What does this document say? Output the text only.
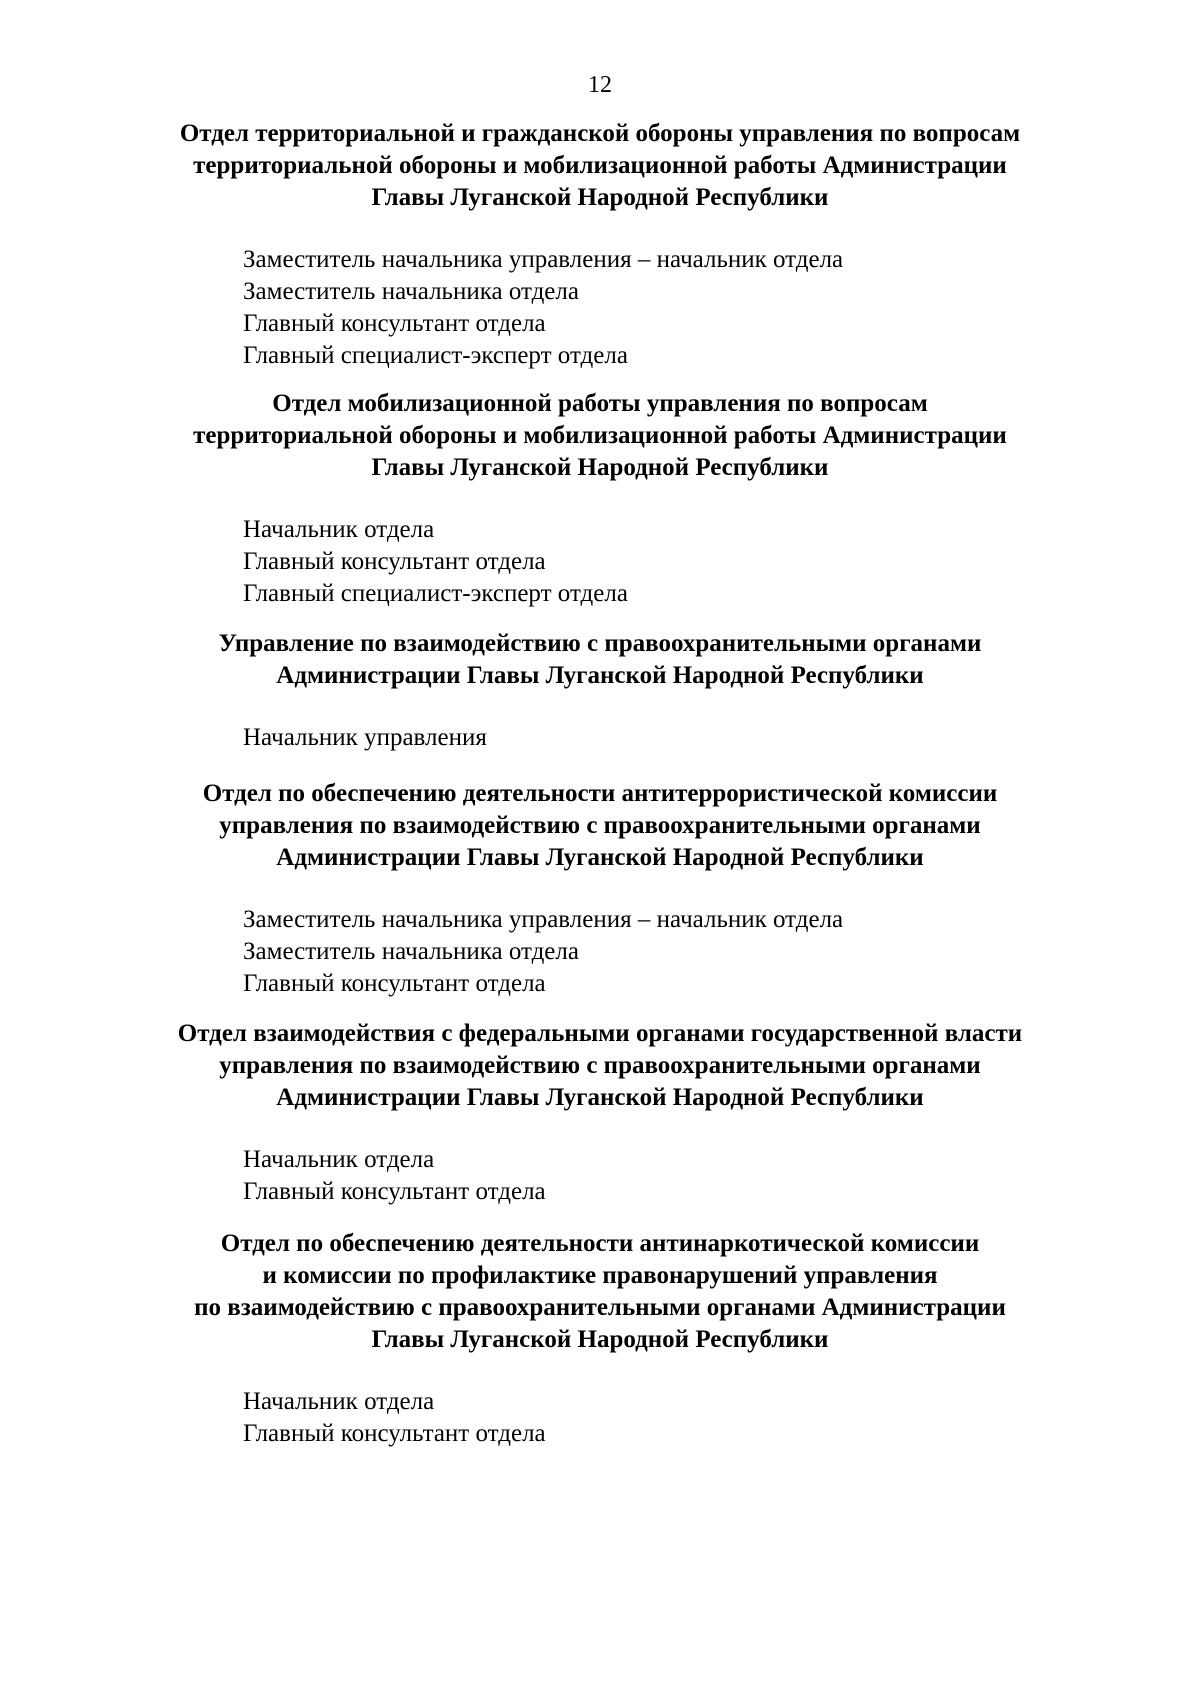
12
Отдел территориальной и гражданской обороны управления по вопросам
территориальной обороны и мобилизационной работы Администрации
Главы Луганской Народной Республики
Заместитель начальника управления – начальник отдела
Заместитель начальника отдела
Главный консультант отдела
Главный специалист-эксперт отдела
Отдел мобилизационной работы управления по вопросам
территориальной обороны и мобилизационной работы Администрации
Главы Луганской Народной Республики
Начальник отдела
Главный консультант отдела
Главный специалист-эксперт отдела
Управление по взаимодействию с правоохранительными органами
Администрации Главы Луганской Народной Республики
Начальник управления
Отдел по обеспечению деятельности антитеррористической комиссии
управления по взаимодействию с правоохранительными органами
Администрации Главы Луганской Народной Республики
Заместитель начальника управления – начальник отдела
Заместитель начальника отдела
Главный консультант отдела
Отдел взаимодействия с федеральными органами государственной власти
управления по взаимодействию с правоохранительными органами
Администрации Главы Луганской Народной Республики
Начальник отдела
Главный консультант отдела
Отдел по обеспечению деятельности антинаркотической комиссии
и комиссии по профилактике правонарушений управления
по взаимодействию с правоохранительными органами Администрации
Главы Луганской Народной Республики
Начальник отдела
Главный консультант отдела
